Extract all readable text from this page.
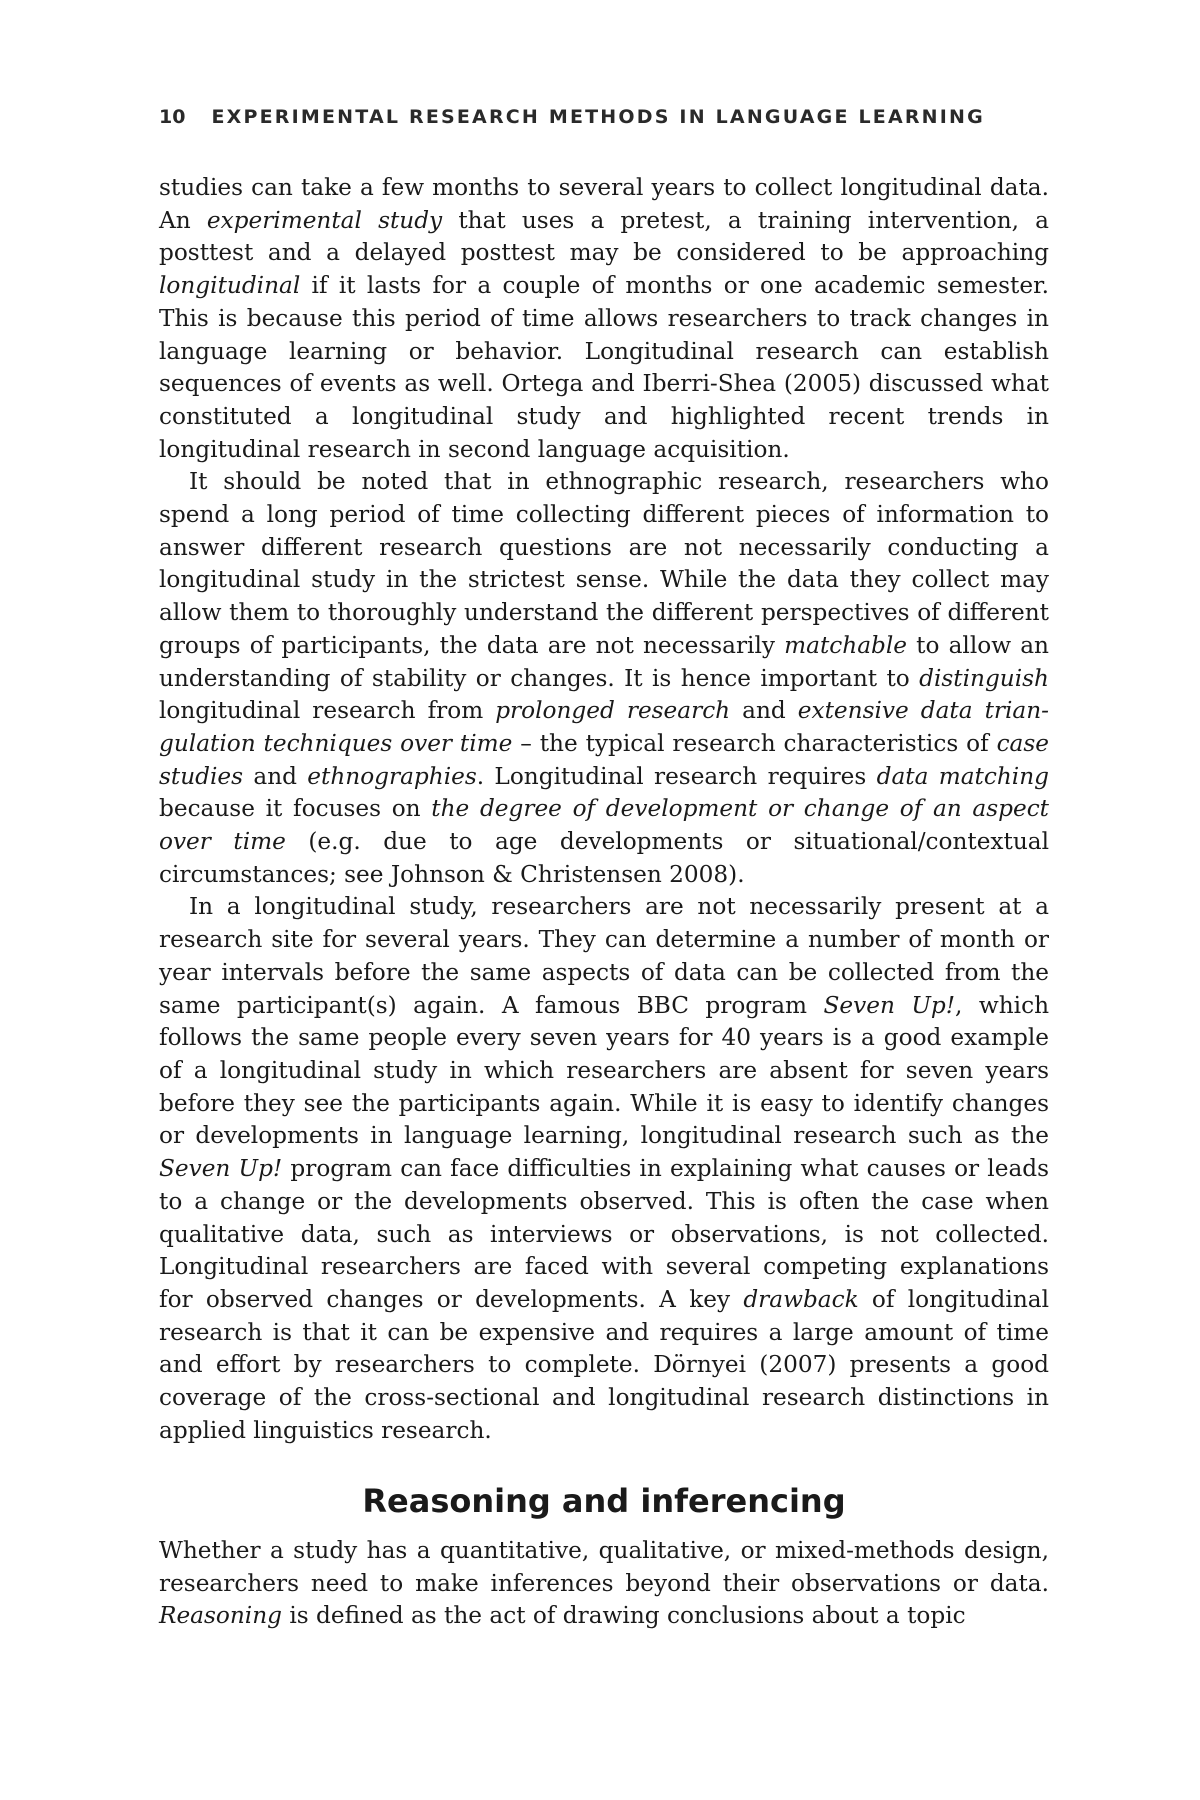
10 EXPERIMENTAL RESEARCH METHODS IN LANGUAGE LEARNING

studies can take a few months to several years to collect longitudinal data. An experimental study that uses a pretest, a training intervention, a posttest and a delayed posttest may be considered to be approaching longitudinal if it lasts for a couple of months or one academic semester. This is because this period of time allows researchers to track changes in language learning or behavior. Longitudinal research can establish sequences of events as well. Ortega and Iberri-Shea (2005) discussed what constituted a longitudinal study and highlighted recent trends in longitudinal research in second language acquisition.

It should be noted that in ethnographic research, researchers who spend a long period of time collecting different pieces of information to answer different research questions are not necessarily conducting a longitudinal study in the strictest sense. While the data they collect may allow them to thoroughly understand the different perspectives of different groups of participants, the data are not necessarily matchable to allow an understanding of stability or changes. It is hence important to distinguish longitudinal research from prolonged research and extensive data triangulation techniques over time – the typical research characteristics of case studies and ethnographies. Longitudinal research requires data matching because it focuses on the degree of development or change of an aspect over time (e.g. due to age developments or situational/contextual circumstances; see Johnson & Christensen 2008).

In a longitudinal study, researchers are not necessarily present at a research site for several years. They can determine a number of month or year intervals before the same aspects of data can be collected from the same participant(s) again. A famous BBC program Seven Up!, which follows the same people every seven years for 40 years is a good example of a longitudinal study in which researchers are absent for seven years before they see the participants again. While it is easy to identify changes or developments in language learning, longitudinal research such as the Seven Up! program can face difficulties in explaining what causes or leads to a change or the developments observed. This is often the case when qualitative data, such as interviews or observations, is not collected. Longitudinal researchers are faced with several competing explanations for observed changes or developments. A key drawback of longitudinal research is that it can be expensive and requires a large amount of time and effort by researchers to complete. Dörnyei (2007) presents a good coverage of the cross-sectional and longitudinal research distinctions in applied linguistics research.

Reasoning and inferencing

Whether a study has a quantitative, qualitative, or mixed-methods design, researchers need to make inferences beyond their observations or data. Reasoning is defined as the act of drawing conclusions about a topic
